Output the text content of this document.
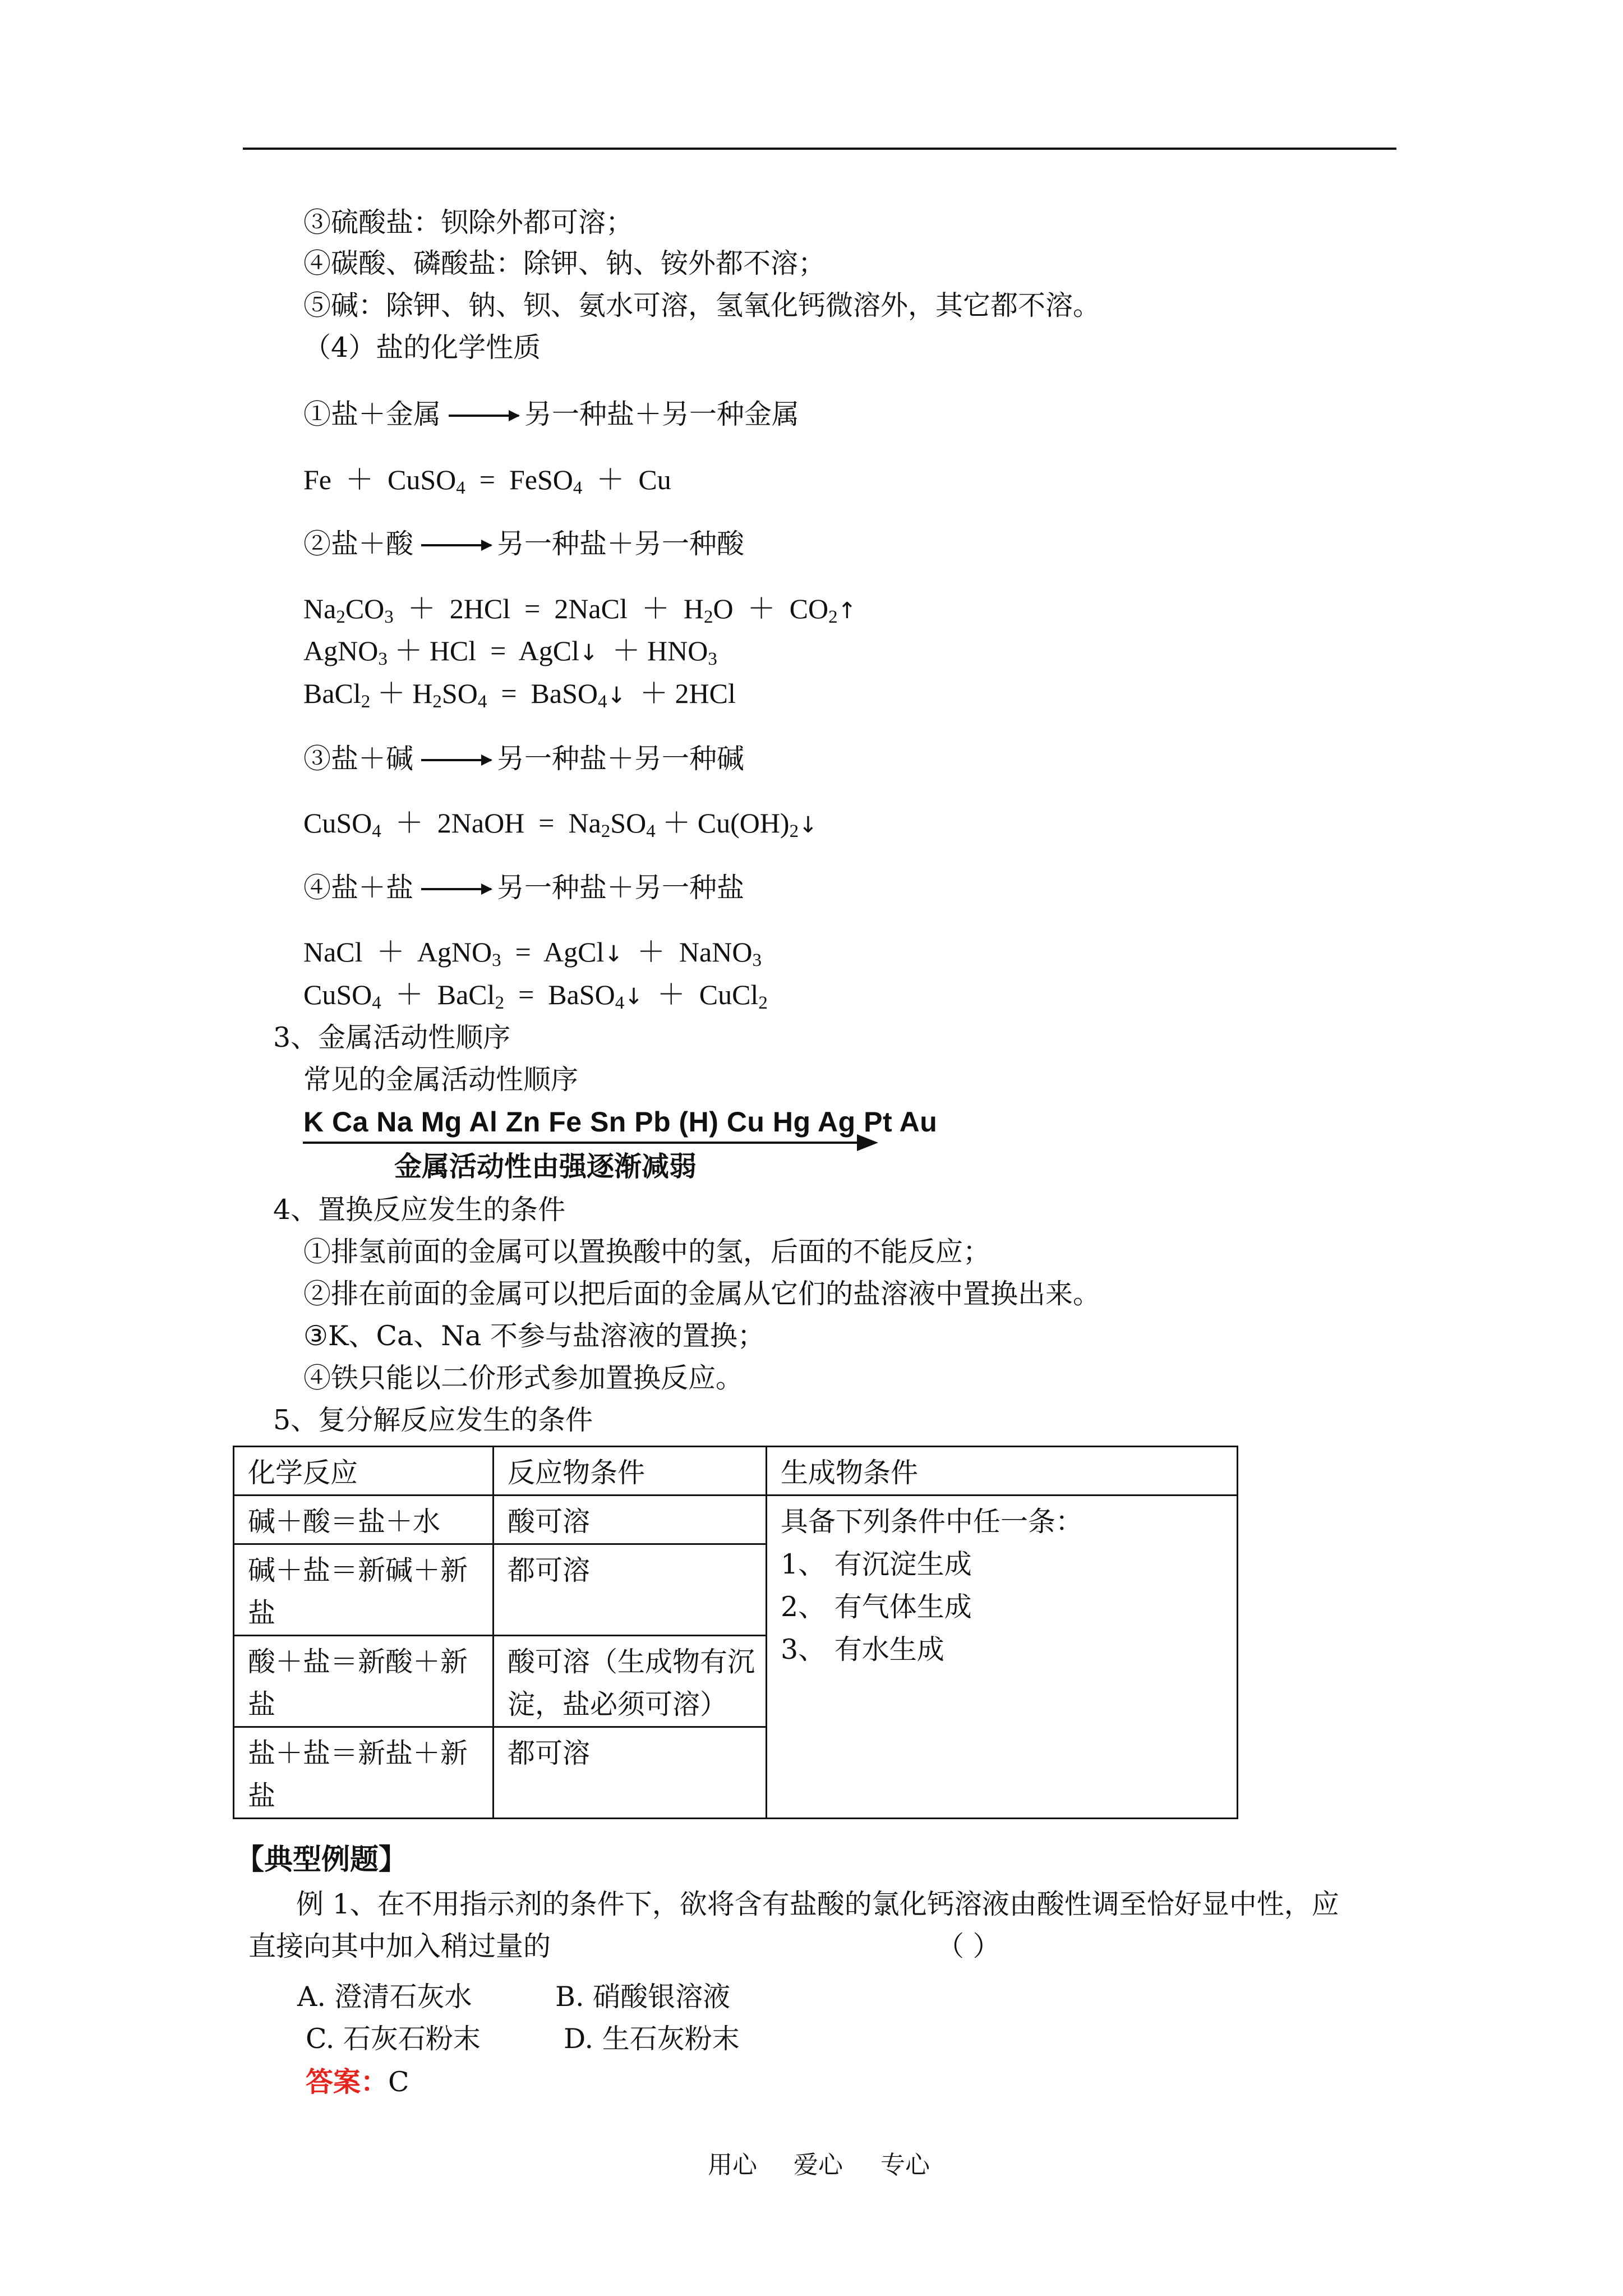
③硫酸盐：钡除外都可溶；
④碳酸、磷酸盐：除钾、钠、铵外都不溶；
⑤碱：除钾、钠、钡、氨水可溶，氢氧化钙微溶外，其它都不溶。
（4）盐的化学性质
①盐＋金属	另一种盐＋另一种金属
Fe  ＋  CuSO$_4$  =  FeSO$_4$  ＋  Cu
②盐＋酸	另一种盐＋另一种酸
$Na_2CO_3 + 2HCl$  =  2NaCl  ＋  $H_2O$  ＋  $CO_2↑$
AgNO$_3$ ＋ HCl  =  AgCl↓  ＋ $HNO_3$
BaCl$_2$ ＋ $H_2SO_4$  =  BaSO$_4$↓  ＋ 2HCl
③盐＋碱	另一种盐＋另一种碱
CuSO$_4$  ＋  2NaOH  =  $Na_2SO_4$ ＋ $Cu(OH)_2↓$
④盐＋盐	另一种盐＋另一种盐
NaCl  ＋  AgNO$_3$  =  AgCl↓  ＋  NaNO$_3$
CuSO$_4$  ＋  BaCl$_2$  =  BaSO$_4$↓  ＋  CuCl$_2$
3、金属活动性顺序
常见的金属活动性顺序
K Ca Na Mg Al Zn Fe Sn Pb (H) Cu Hg Ag Pt Au
金属活动性由强逐渐减弱
4、置换反应发生的条件
①排氢前面的金属可以置换酸中的氢，后面的不能反应；
②排在前面的金属可以把后面的金属从它们的盐溶液中置换出来。
③K、Ca、Na 不参与盐溶液的置换；
④铁只能以二价形式参加置换反应。
5、复分解反应发生的条件
化学反应	反应物条件	生成物条件
碱＋酸＝盐＋水	酸可溶	具备下列条件中任一条：
1、 有沉淀生成
2、 有气体生成
3、 有水生成

碱＋盐＝新碱＋新盐	都可溶	
酸＋盐＝新酸＋新盐	酸可溶（生成物有沉淀，盐必须可溶）	
盐＋盐＝新盐＋新盐	都可溶	
【典型例题】
例 1、在不用指示剂的条件下，欲将含有盐酸的氯化钙溶液由酸性调至恰好显中性，应
直接向其中加入稍过量的	（ ）
A. 澄清石灰水	B. 硝酸银溶液
C. 石灰石粉末	D. 生石灰粉末
答案：C
用心 爱心 专心
